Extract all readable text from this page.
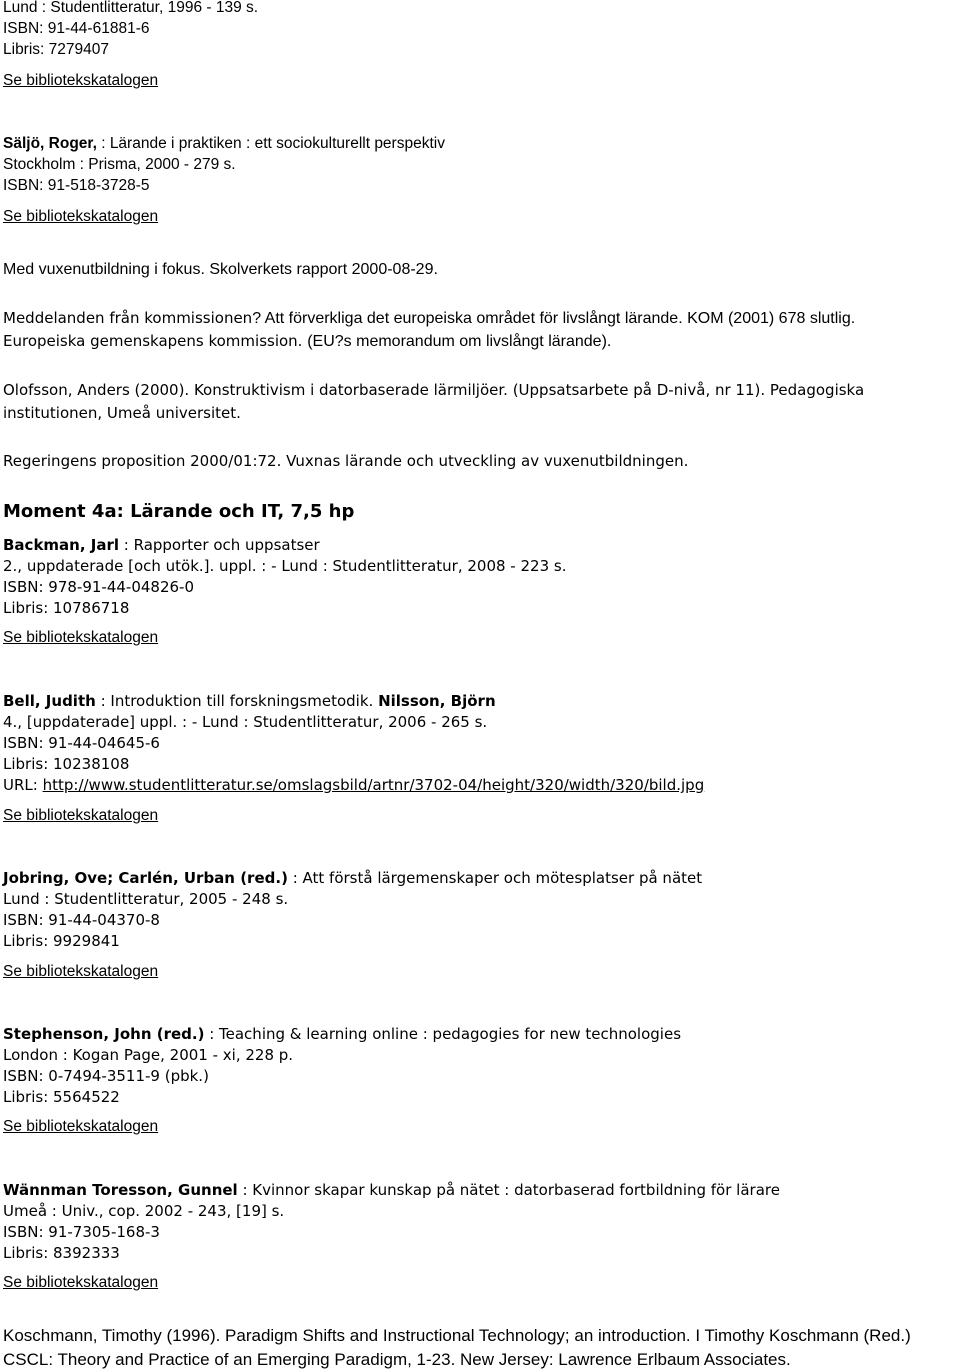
Lund : Studentlitteratur, 1996 - 139 s.
ISBN: 91-44-61881-6
Libris: 7279407
Se bibliotekskatalogen
Säljö, Roger, : Lärande i praktiken : ett sociokulturellt perspektiv
Stockholm : Prisma, 2000 - 279 s.
ISBN: 91-518-3728-5
Se bibliotekskatalogen
Med vuxenutbildning i fokus. Skolverkets rapport 2000-08-29.
Meddelanden från kommissionen? Att förverkliga det europeiska området för livslångt lärande. KOM (2001) 678 slutlig.
Europeiska gemenskapens kommission. (EU?s memorandum om livslångt lärande).
Olofsson, Anders (2000). Konstruktivism i datorbaserade lärmiljöer. (Uppsatsarbete på D-nivå, nr 11). Pedagogiska
institutionen, Umeå universitet.
Regeringens proposition 2000/01:72. Vuxnas lärande och utveckling av vuxenutbildningen.
Moment 4a: Lärande och IT, 7,5 hp
Backman, Jarl : Rapporter och uppsatser
2., uppdaterade [och utök.]. uppl. : - Lund : Studentlitteratur, 2008 - 223 s.
ISBN: 978-91-44-04826-0
Libris: 10786718
Se bibliotekskatalogen
Bell, Judith : Introduktion till forskningsmetodik. Nilsson, Björn
4., [uppdaterade] uppl. : - Lund : Studentlitteratur, 2006 - 265 s.
ISBN: 91-44-04645-6
Libris: 10238108
URL: http://www.studentlitteratur.se/omslagsbild/artnr/3702-04/height/320/width/320/bild.jpg
Se bibliotekskatalogen
Jobring, Ove; Carlén, Urban (red.) : Att förstå lärgemenskaper och mötesplatser på nätet
Lund : Studentlitteratur, 2005 - 248 s.
ISBN: 91-44-04370-8
Libris: 9929841
Se bibliotekskatalogen
Stephenson, John (red.) : Teaching & learning online : pedagogies for new technologies
London : Kogan Page, 2001 - xi, 228 p.
ISBN: 0-7494-3511-9 (pbk.)
Libris: 5564522
Se bibliotekskatalogen
Wännman Toresson, Gunnel : Kvinnor skapar kunskap på nätet : datorbaserad fortbildning för lärare
Umeå : Univ., cop. 2002 - 243, [19] s.
ISBN: 91-7305-168-3
Libris: 8392333
Se bibliotekskatalogen
Koschmann, Timothy (1996). Paradigm Shifts and Instructional Technology; an introduction. I Timothy Koschmann (Red.)
CSCL: Theory and Practice of an Emerging Paradigm, 1-23. New Jersey: Lawrence Erlbaum Associates.
